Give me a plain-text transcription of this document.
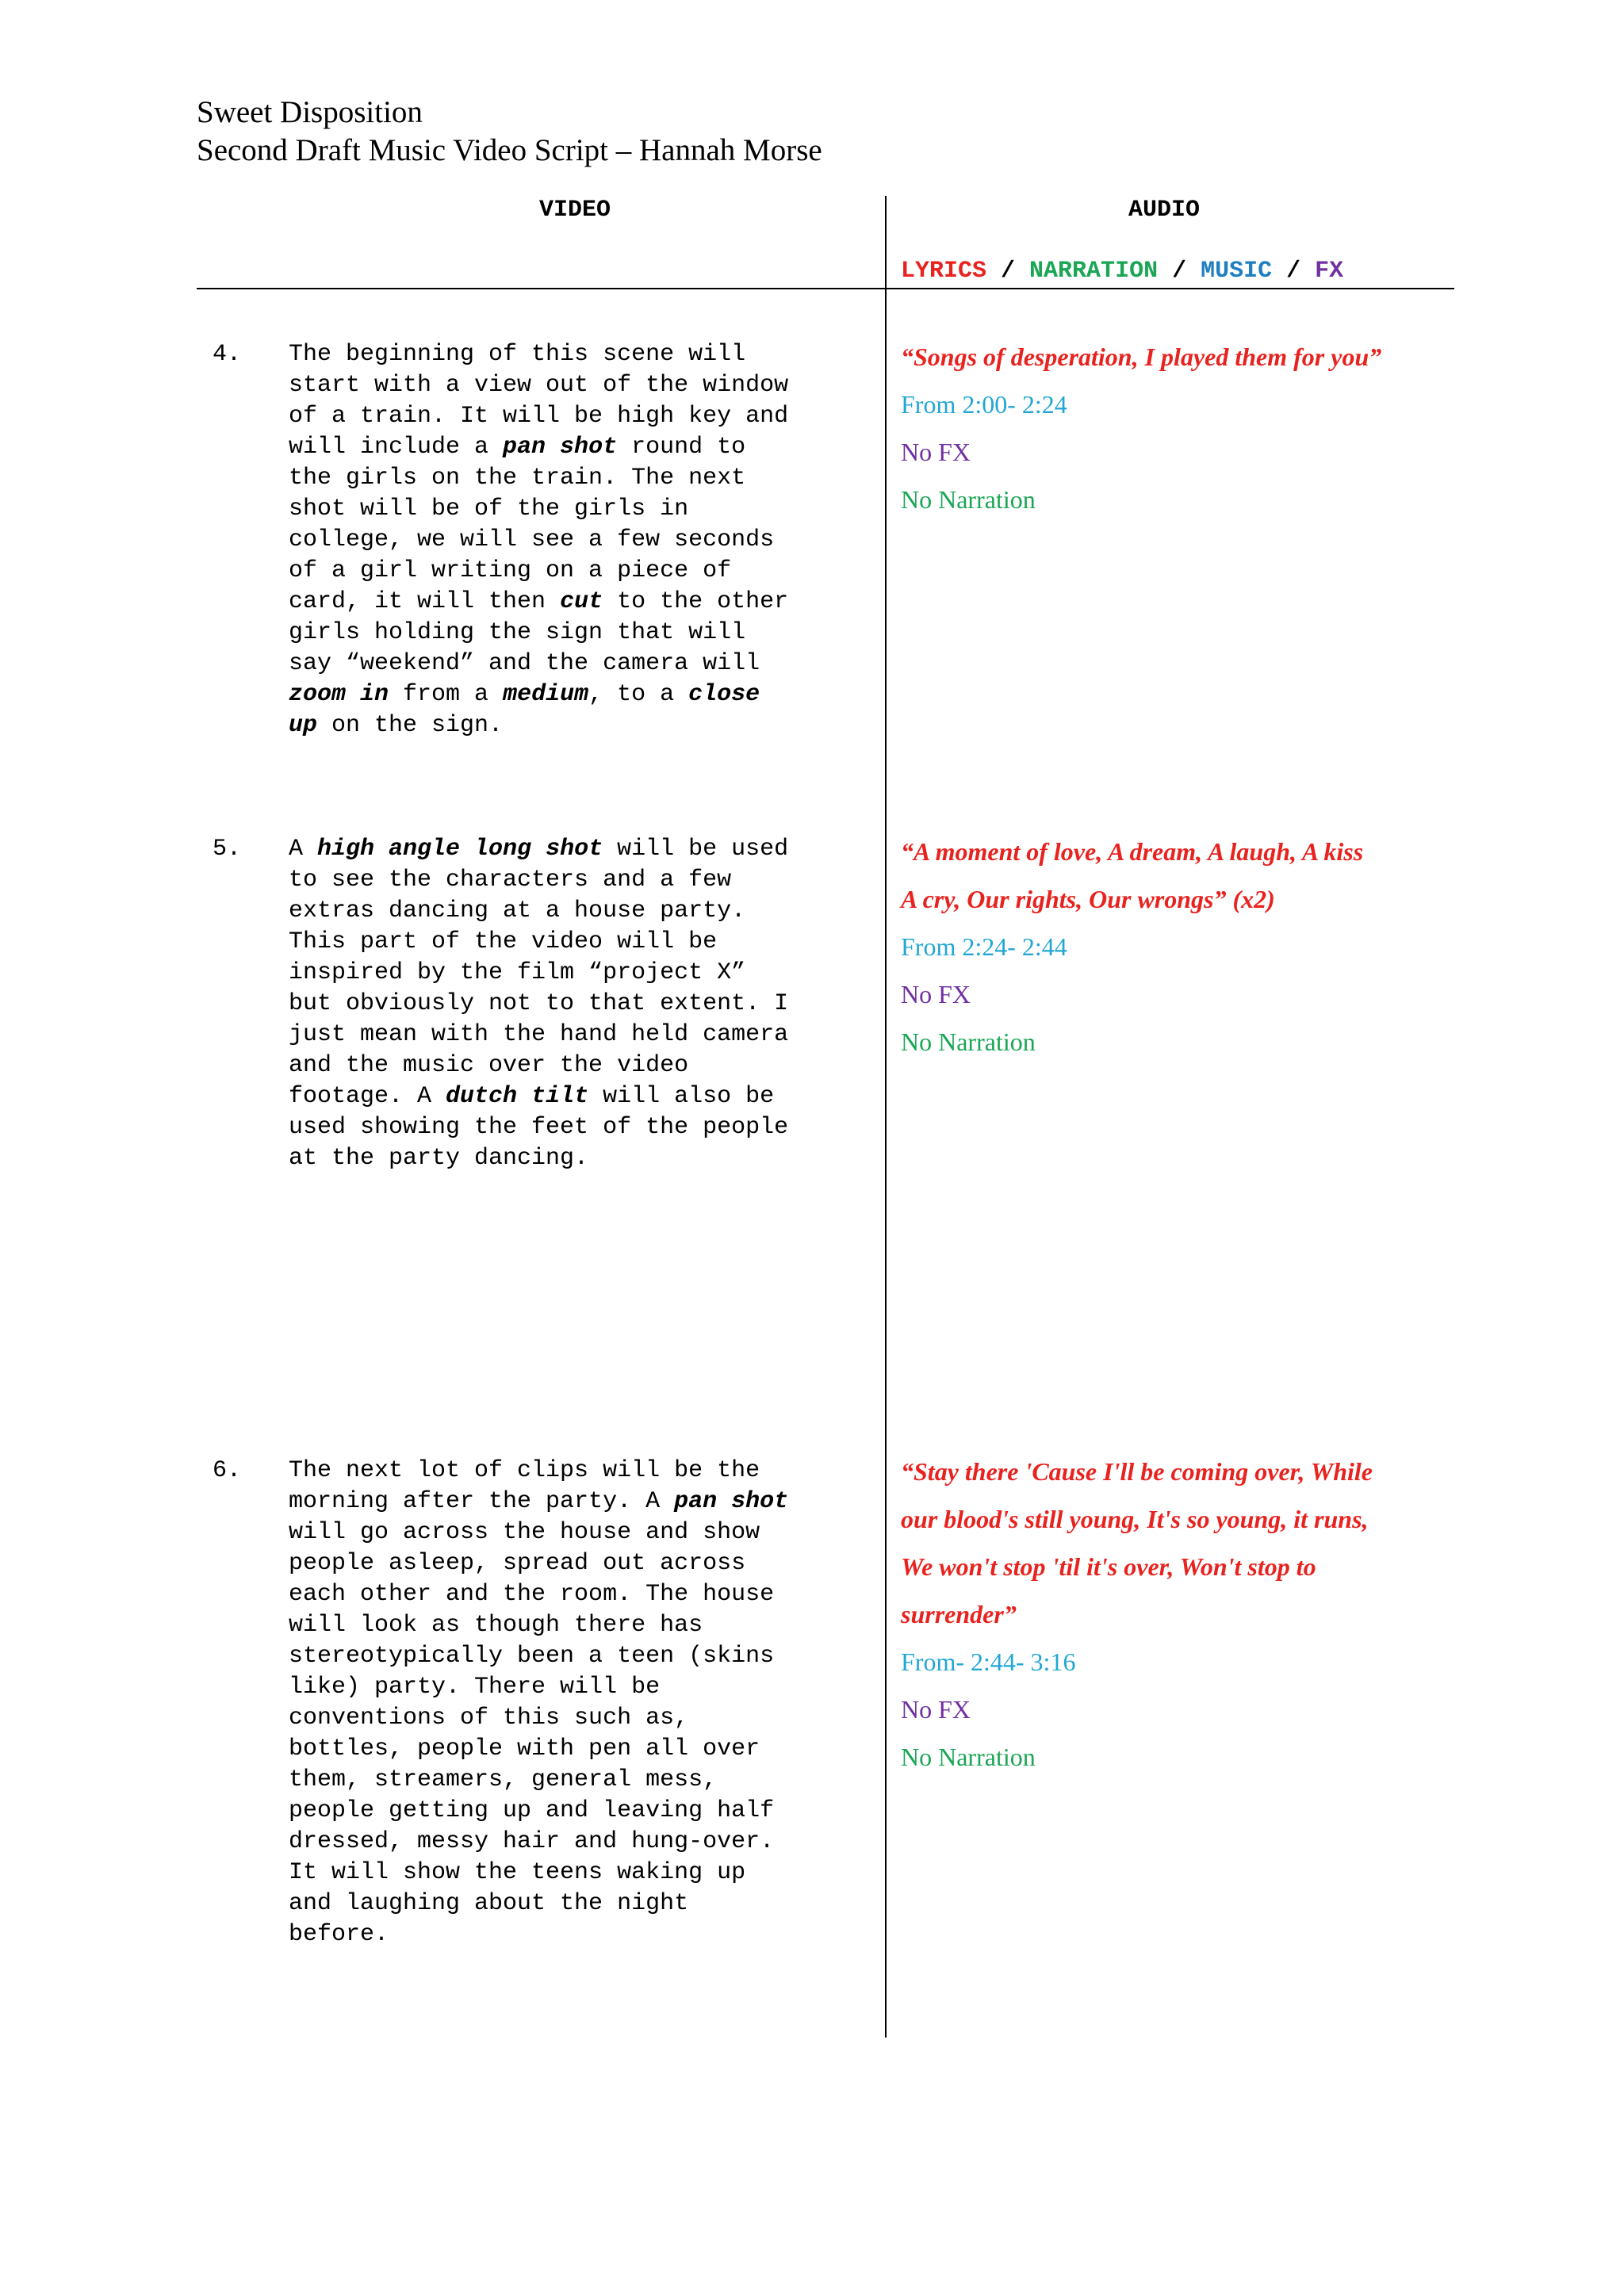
Sweet Disposition
Second Draft Music Video Script – Hannah Morse
VIDEO	AUDIO
LYRICS / NARRATION / MUSIC / FX
4. The beginning of this scene will
start with a view out of the window
of a train. It will be high key and
will include a pan shot round to
the girls on the train. The next
shot will be of the girls in
college, we will see a few seconds
of a girl writing on a piece of
card, it will then cut to the other
girls holding the sign that will
say “weekend” and the camera will
zoom in from a medium, to a close
up on the sign.
“Songs of desperation, I played them for you”
From 2:00- 2:24
No FX
No Narration
5. A high angle long shot will be used
to see the characters and a few
extras dancing at a house party.
This part of the video will be
inspired by the film “project X”
but obviously not to that extent. I
just mean with the hand held camera
and the music over the video
footage. A dutch tilt will also be
used showing the feet of the people
at the party dancing.
“A moment of love, A dream, A laugh, A kiss
A cry, Our rights, Our wrongs” (x2)
From 2:24- 2:44
No FX
No Narration
6. The next lot of clips will be the
morning after the party. A pan shot
will go across the house and show
people asleep, spread out across
each other and the room. The house
will look as though there has
stereotypically been a teen (skins
like) party. There will be
conventions of this such as,
bottles, people with pen all over
them, streamers, general mess,
people getting up and leaving half
dressed, messy hair and hung-over.
It will show the teens waking up
and laughing about the night
before.
“Stay there 'Cause I'll be coming over, While
our blood's still young, It's so young, it runs,
We won't stop 'til it's over, Won't stop to
surrender”
From- 2:44- 3:16
No FX
No Narration
